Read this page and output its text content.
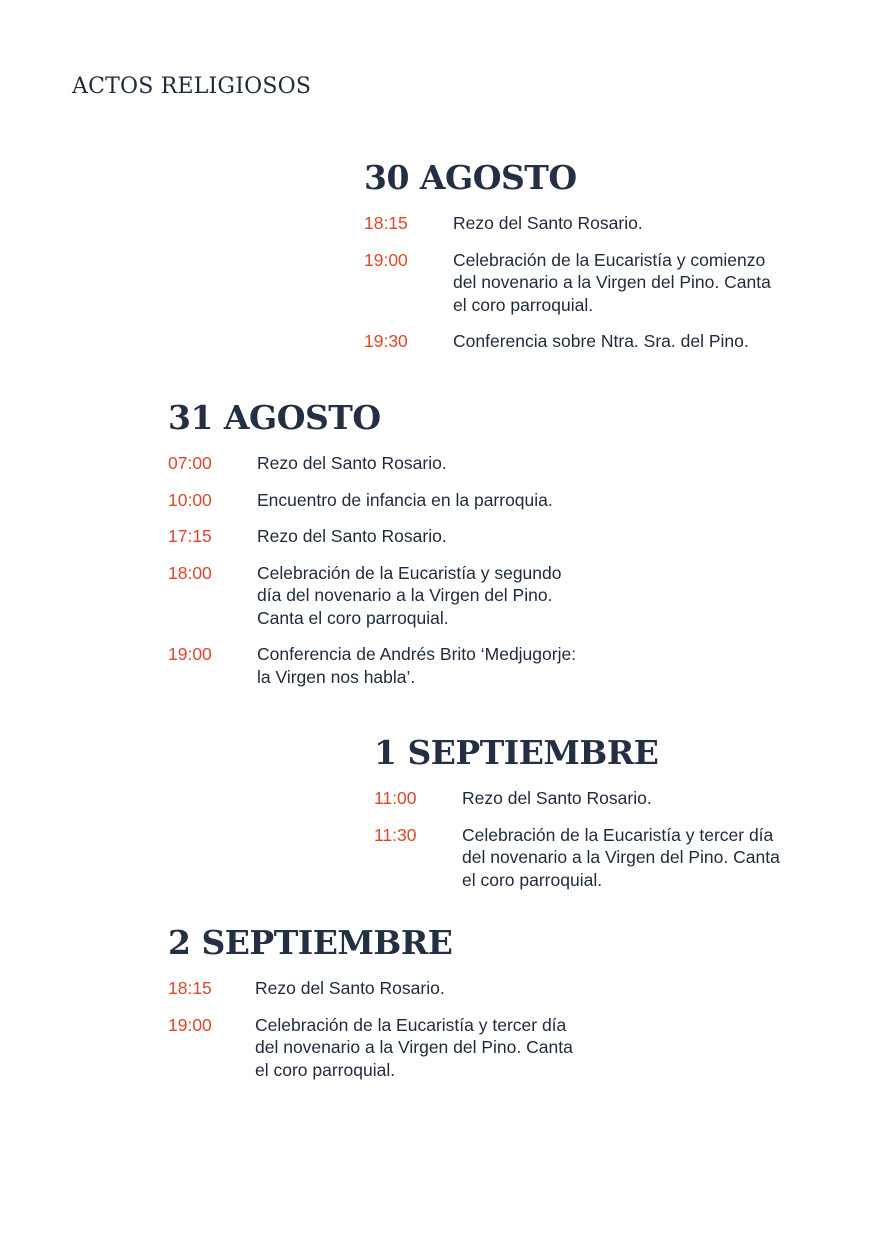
ACTOS RELIGIOSOS
30 AGOSTO
18:15	Rezo del Santo Rosario.
19:00	Celebración de la Eucaristía y comienzo
del novenario a la Virgen del Pino. Canta
el coro parroquial.
19:30	Conferencia sobre Ntra. Sra. del Pino.
31 AGOSTO
07:00	Rezo del Santo Rosario.
10:00	Encuentro de infancia en la parroquia.
17:15	Rezo del Santo Rosario.
18:00	Celebración de la Eucaristía y segundo
día del novenario a la Virgen del Pino.
Canta el coro parroquial.
19:00	Conferencia de Andrés Brito ‘Medjugorje:
la Virgen nos habla’.
1 SEPTIEMBRE
11:00	Rezo del Santo Rosario.
11:30	Celebración de la Eucaristía y tercer día
del novenario a la Virgen del Pino. Canta
el coro parroquial.
2 SEPTIEMBRE
18:15	Rezo del Santo Rosario.
19:00	Celebración de la Eucaristía y tercer día
del novenario a la Virgen del Pino. Canta
el coro parroquial.
